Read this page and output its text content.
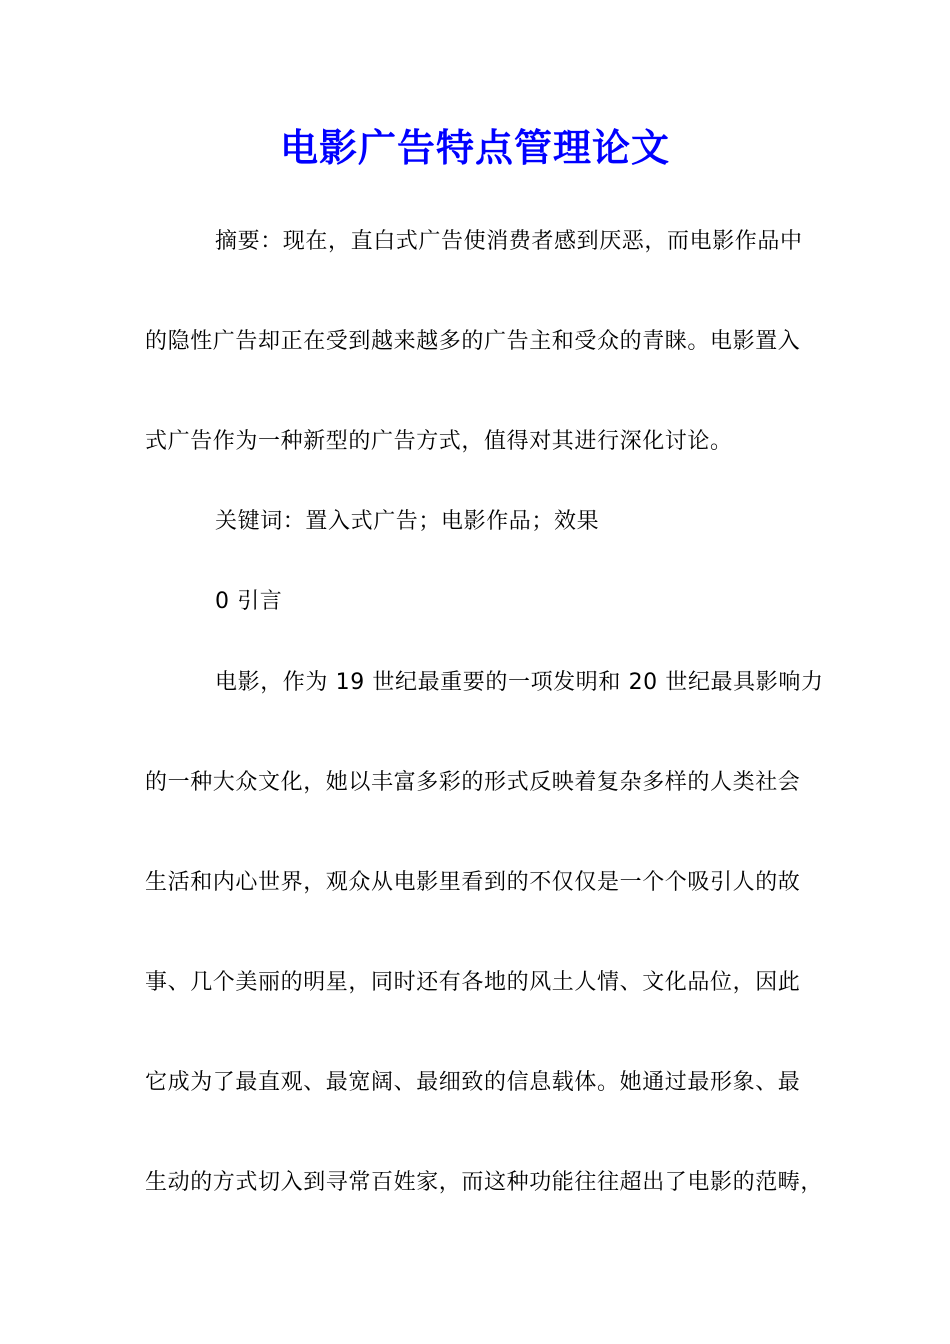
电影广告特点管理论文
摘要：现在，直白式广告使消费者感到厌恶，而电影作品中
的隐性广告却正在受到越来越多的广告主和受众的青睐。电影置入
式广告作为一种新型的广告方式，值得对其进行深化讨论。
关键词：置入式广告；电影作品；效果
0 引言
电影，作为 19 世纪最重要的一项发明和 20 世纪最具影响力
的一种大众文化，她以丰富多彩的形式反映着复杂多样的人类社会
生活和内心世界，观众从电影里看到的不仅仅是一个个吸引人的故
事、几个美丽的明星，同时还有各地的风土人情、文化品位，因此
它成为了最直观、最宽阔、最细致的信息载体。她通过最形象、最
生动的方式切入到寻常百姓家，而这种功能往往超出了电影的范畴，
